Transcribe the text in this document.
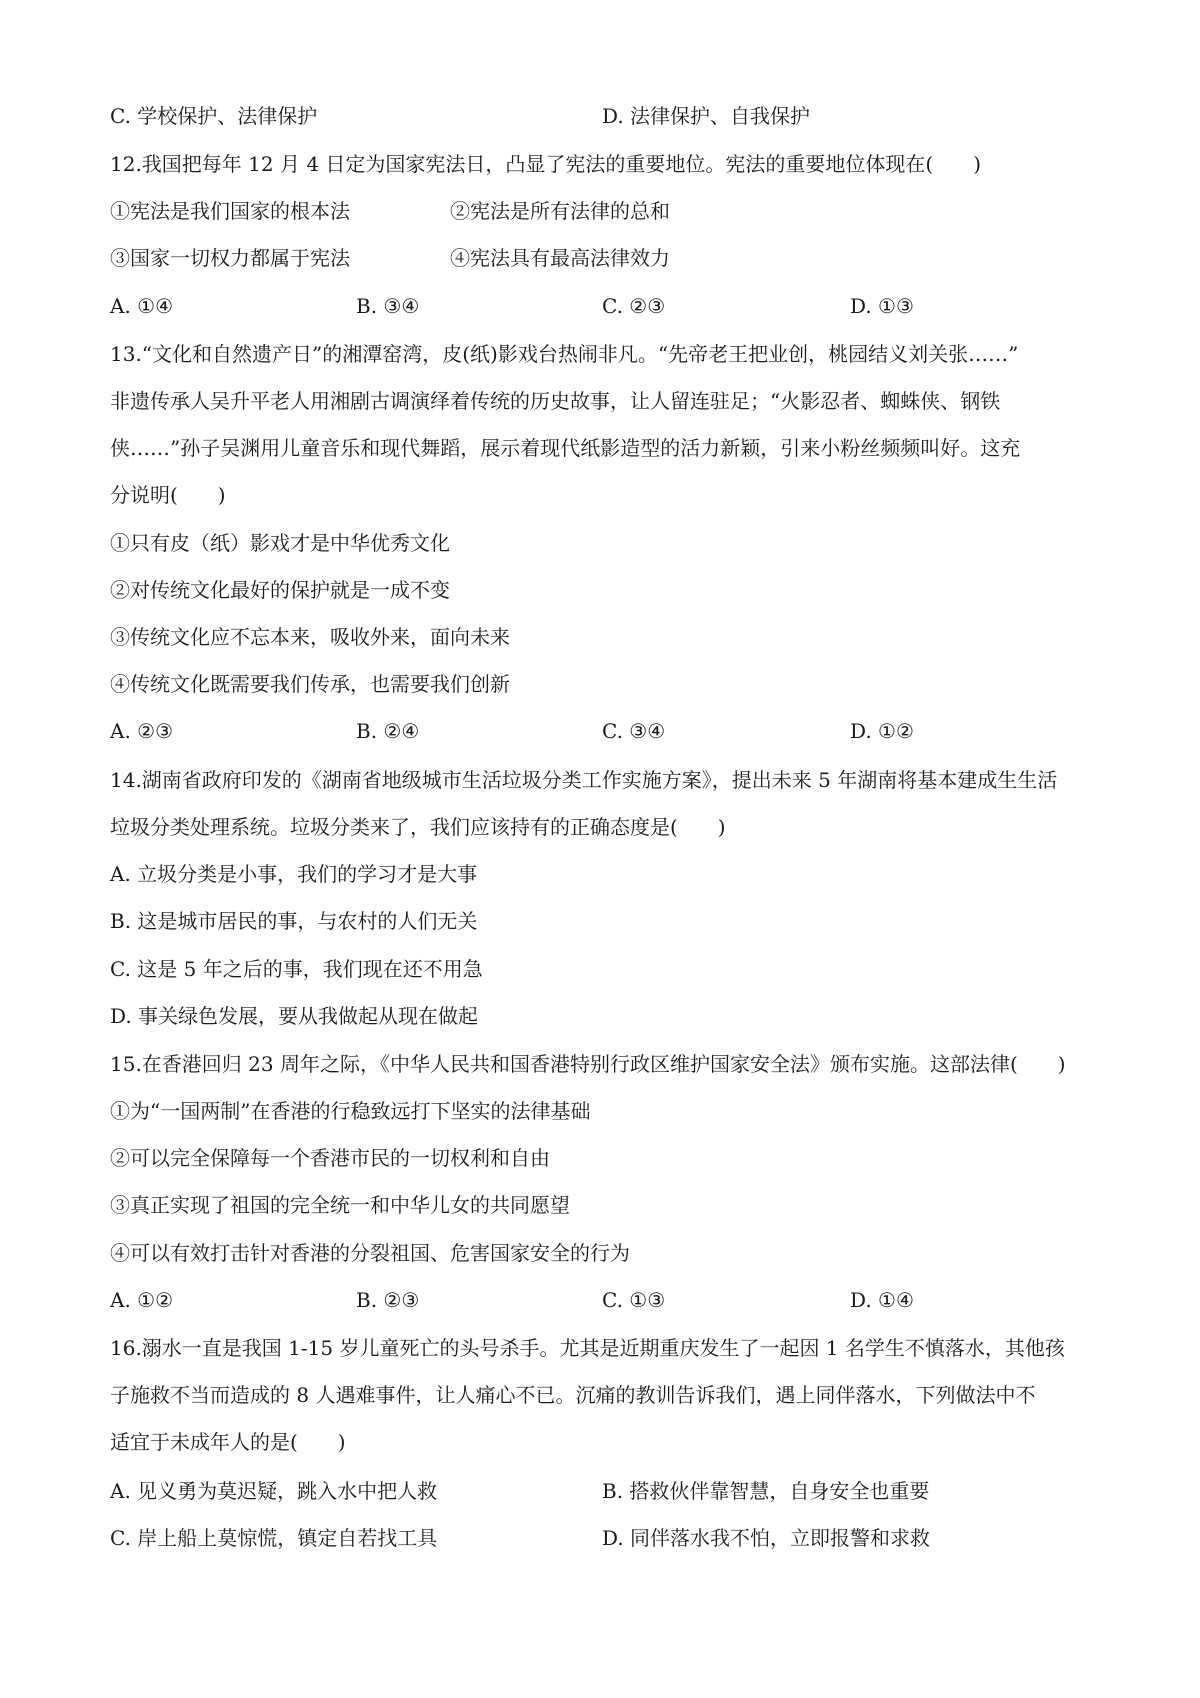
C. 学校保护、法律保护	D. 法律保护、自我保护
12.我国把每年 12 月 4 日定为国家宪法日，凸显了宪法的重要地位。宪法的重要地位体现在(　　)
①宪法是我们国家的根本法	②宪法是所有法律的总和
③国家一切权力都属于宪法	④宪法具有最高法律效力
A. ①④	B. ③④	C. ②③	D. ①③
13.“文化和自然遗产日”的湘潭窑湾，皮(纸)影戏台热闹非凡。“先帝老王把业创，桃园结义刘关张……”
非遗传承人吴升平老人用湘剧古调演绎着传统的历史故事，让人留连驻足；“火影忍者、蜘蛛侠、钢铁
侠……”孙子吴渊用儿童音乐和现代舞蹈，展示着现代纸影造型的活力新颖，引来小粉丝频频叫好。这充
分说明(　　)
①只有皮（纸）影戏才是中华优秀文化
②对传统文化最好的保护就是一成不变
③传统文化应不忘本来，吸收外来，面向未来
④传统文化既需要我们传承，也需要我们创新
A. ②③	B. ②④	C. ③④	D. ①②
14.湖南省政府印发的《湖南省地级城市生活垃圾分类工作实施方案》，提出未来 5 年湖南将基本建成生生活
垃圾分类处理系统。垃圾分类来了，我们应该持有的正确态度是(　　)
A. 立圾分类是小事，我们的学习才是大事
B. 这是城市居民的事，与农村的人们无关
C. 这是 5 年之后的事，我们现在还不用急
D. 事关绿色发展，要从我做起从现在做起
15.在香港回归 23 周年之际，《中华人民共和国香港特别行政区维护国家安全法》颁布实施。这部法律(　　)
①为“一国两制”在香港的行稳致远打下坚实的法律基础
②可以完全保障每一个香港市民的一切权利和自由
③真正实现了祖国的完全统一和中华儿女的共同愿望
④可以有效打击针对香港的分裂祖国、危害国家安全的行为
A. ①②	B. ②③	C. ①③	D. ①④
16.溺水一直是我国 1-15 岁儿童死亡的头号杀手。尤其是近期重庆发生了一起因 1 名学生不慎落水，其他孩
子施救不当而造成的 8 人遇难事件，让人痛心不已。沉痛的教训告诉我们，遇上同伴落水，下列做法中不
适宜于未成年人的是(　　)
A. 见义勇为莫迟疑，跳入水中把人救	B. 搭救伙伴靠智慧，自身安全也重要
C. 岸上船上莫惊慌，镇定自若找工具	D. 同伴落水我不怕，立即报警和求救
